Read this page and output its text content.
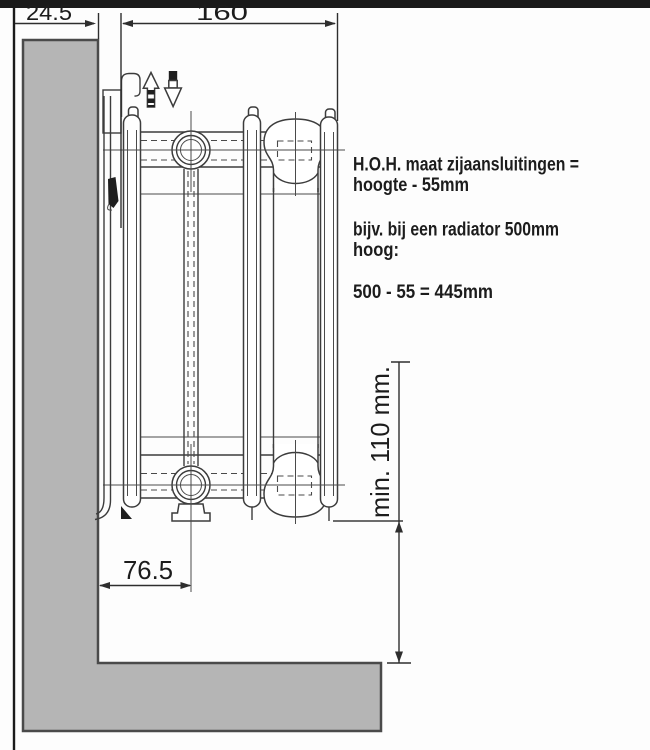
24.5	160
76.5
min. 110 mm.
H.O.H. maat zijaansluitingen =
hoogte - 55mm
bijv. bij een radiator 500mm
hoog:
500 - 55 = 445mm
